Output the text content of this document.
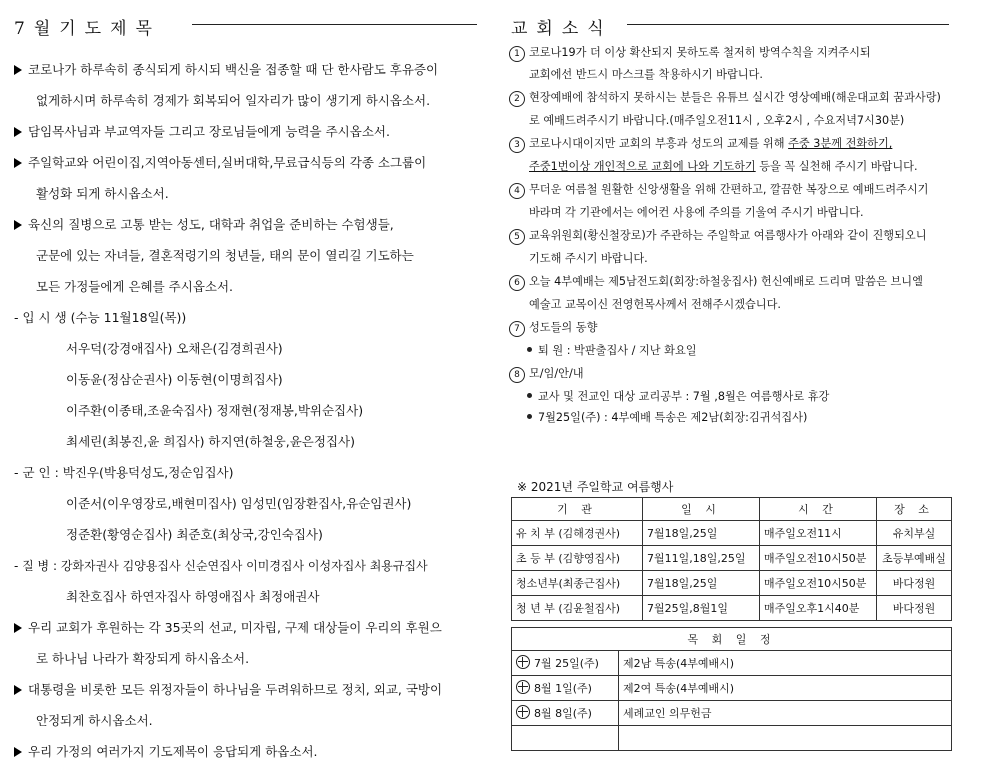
7월기도제목
코로나가 하루속히 종식되게 하시되 백신을 접종할 때 단 한사람도 후유증이
없게하시며 하루속히 경제가 회복되어 일자리가 많이 생기게 하시옵소서.
담임목사님과 부교역자들 그리고 장로님들에게 능력을 주시옵소서.
주일학교와 어린이집,지역아동센터,실버대학,무료급식등의 각종 소그룹이
활성화 되게 하시옵소서.
육신의 질병으로 고통 받는 성도, 대학과 취업을 준비하는 수험생들,
군문에 있는 자녀들, 결혼적령기의 청년들, 태의 문이 열리길 기도하는
모든 가정들에게 은혜를 주시옵소서.
- 입 시 생 (수능 11월18일(목))
서우덕(강경애집사) 오채은(김경희권사)
이동윤(정삼순권사) 이동현(이명희집사)
이주환(이종태,조윤숙집사) 정재현(정재봉,박위순집사)
최세린(최봉진,윤 희집사) 하지연(하철웅,윤은정집사)
- 군 인 : 박진우(박용덕성도,정순임집사)
이준서(이우영장로,배현미집사) 임성민(임장환집사,유순임권사)
정준환(황영순집사) 최준호(최상국,강인숙집사)
- 질 병 : 강화자권사 김양용집사 신순연집사 이미경집사 이성자집사 최용규집사
최찬호집사 하연자집사 하영애집사 최정애권사
우리 교회가 후원하는 각 35곳의 선교, 미자립, 구제 대상들이 우리의 후원으
로 하나님 나라가 확장되게 하시옵소서.
대통령을 비롯한 모든 위정자들이 하나님을 두려워하므로 정치, 외교, 국방이
안정되게 하시옵소서.
우리 가정의 여러가지 기도제목이 응답되게 하옵소서.
교회소식
1 코로나19가 더 이상 확산되지 못하도록 철저히 방역수칙을 지켜주시되
교회에선 반드시 마스크를 착용하시기 바랍니다.
2 현장예배에 참석하지 못하시는 분들은 유튜브 실시간 영상예배(해운대교회 꿈과사랑)
로 예배드려주시기 바랍니다.(매주일오전11시 , 오후2시 , 수요저녁7시30분)
3 코로나시대이지만 교회의 부흥과 성도의 교제를 위해 주중 3분께 전화하기,
주중1번이상 개인적으로 교회에 나와 기도하기 등을 꼭 실천해 주시기 바랍니다.
4 무더운 여름철 원활한 신앙생활을 위해 간편하고, 깔끔한 복장으로 예배드려주시기
바라며 각 기관에서는 에어컨 사용에 주의를 기울여 주시기 바랍니다.
5 교육위원회(황신철장로)가 주관하는 주일학교 여름행사가 아래와 같이 진행되오니
기도해 주시기 바랍니다.
6 오늘 4부예배는 제5남전도회(회장:하철웅집사) 헌신예배로 드리며 말씀은 브니엘
예술고 교목이신 전영헌목사께서 전해주시겠습니다.
7 성도들의 동향
퇴 원 : 박판출집사 / 지난 화요일
8 모/임/안/내
교사 및 전교인 대상 교리공부 : 7월 ,8월은 여름행사로 휴강
7월25일(주) : 4부예배 특송은 제2남(회장:김귀석집사)
※ 2021년 주일학교 여름행사
기 관	일 시	시 간	장 소
유 치 부 (김해경권사)	7월18일,25일	매주일오전11시	유치부실
초 등 부 (김향영집사)	7월11일,18일,25일	매주일오전10시50분	초등부예배실
청소년부(최종근집사)	7월18일,25일	매주일오전10시50분	바다정원
청 년 부 (김윤철집사)	7월25일,8월1일	매주일오후1시40분	바다정원
목 회 일 정	
7월 25일(주)	제2남 특송(4부예배시)
8월 1일(주)	제2여 특송(4부예배시)
8월 8일(주)	세례교인 의무헌금
